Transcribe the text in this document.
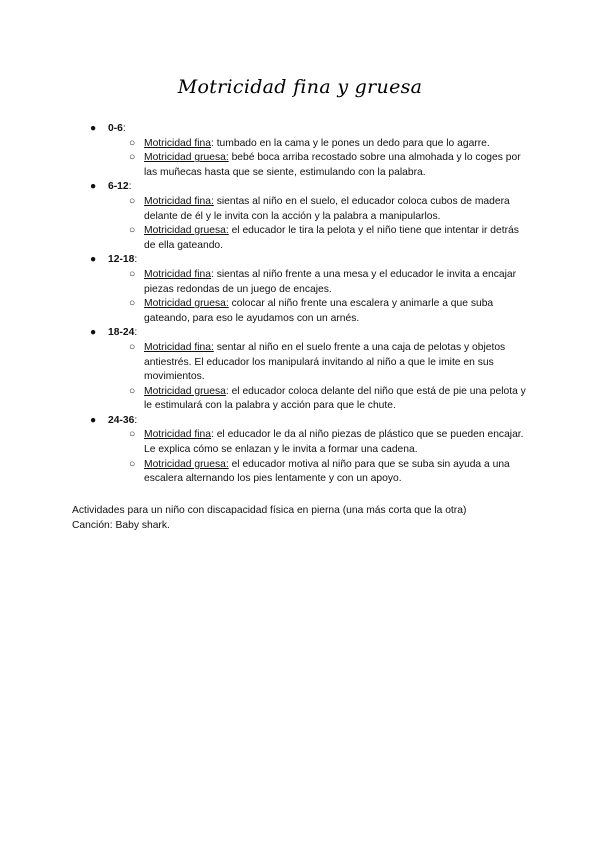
Motricidad fina y gruesa
● 0-6:
○ Motricidad fina: tumbado en la cama y le pones un dedo para que lo agarre.
○ Motricidad gruesa: bebé boca arriba recostado sobre una almohada y lo coges por las muñecas hasta que se siente, estimulando con la palabra.
● 6-12:
○ Motricidad fina: sientas al niño en el suelo, el educador coloca cubos de madera delante de él y le invita con la acción y la palabra a manipularlos.
○ Motricidad gruesa: el educador le tira la pelota y el niño tiene que intentar ir detrás de ella gateando.
● 12-18:
○ Motricidad fina: sientas al niño frente a una mesa y el educador le invita a encajar piezas redondas de un juego de encajes.
○ Motricidad gruesa: colocar al niño frente una escalera y animarle a que suba gateando, para eso le ayudamos con un arnés.
● 18-24:
○ Motricidad fina: sentar al niño en el suelo frente a una caja de pelotas y objetos antiestrés. El educador los manipulará invitando al niño a que le imite en sus movimientos.
○ Motricidad gruesa: el educador coloca delante del niño que está de pie una pelota y le estimulará con la palabra y acción para que le chute.
● 24-36:
○ Motricidad fina: el educador le da al niño piezas de plástico que se pueden encajar. Le explica cómo se enlazan y le invita a formar una cadena.
○ Motricidad gruesa: el educador motiva al niño para que se suba sin ayuda a una escalera alternando los pies lentamente y con un apoyo.
Actividades para un niño con discapacidad física en pierna (una más corta que la otra)
Canción: Baby shark.
